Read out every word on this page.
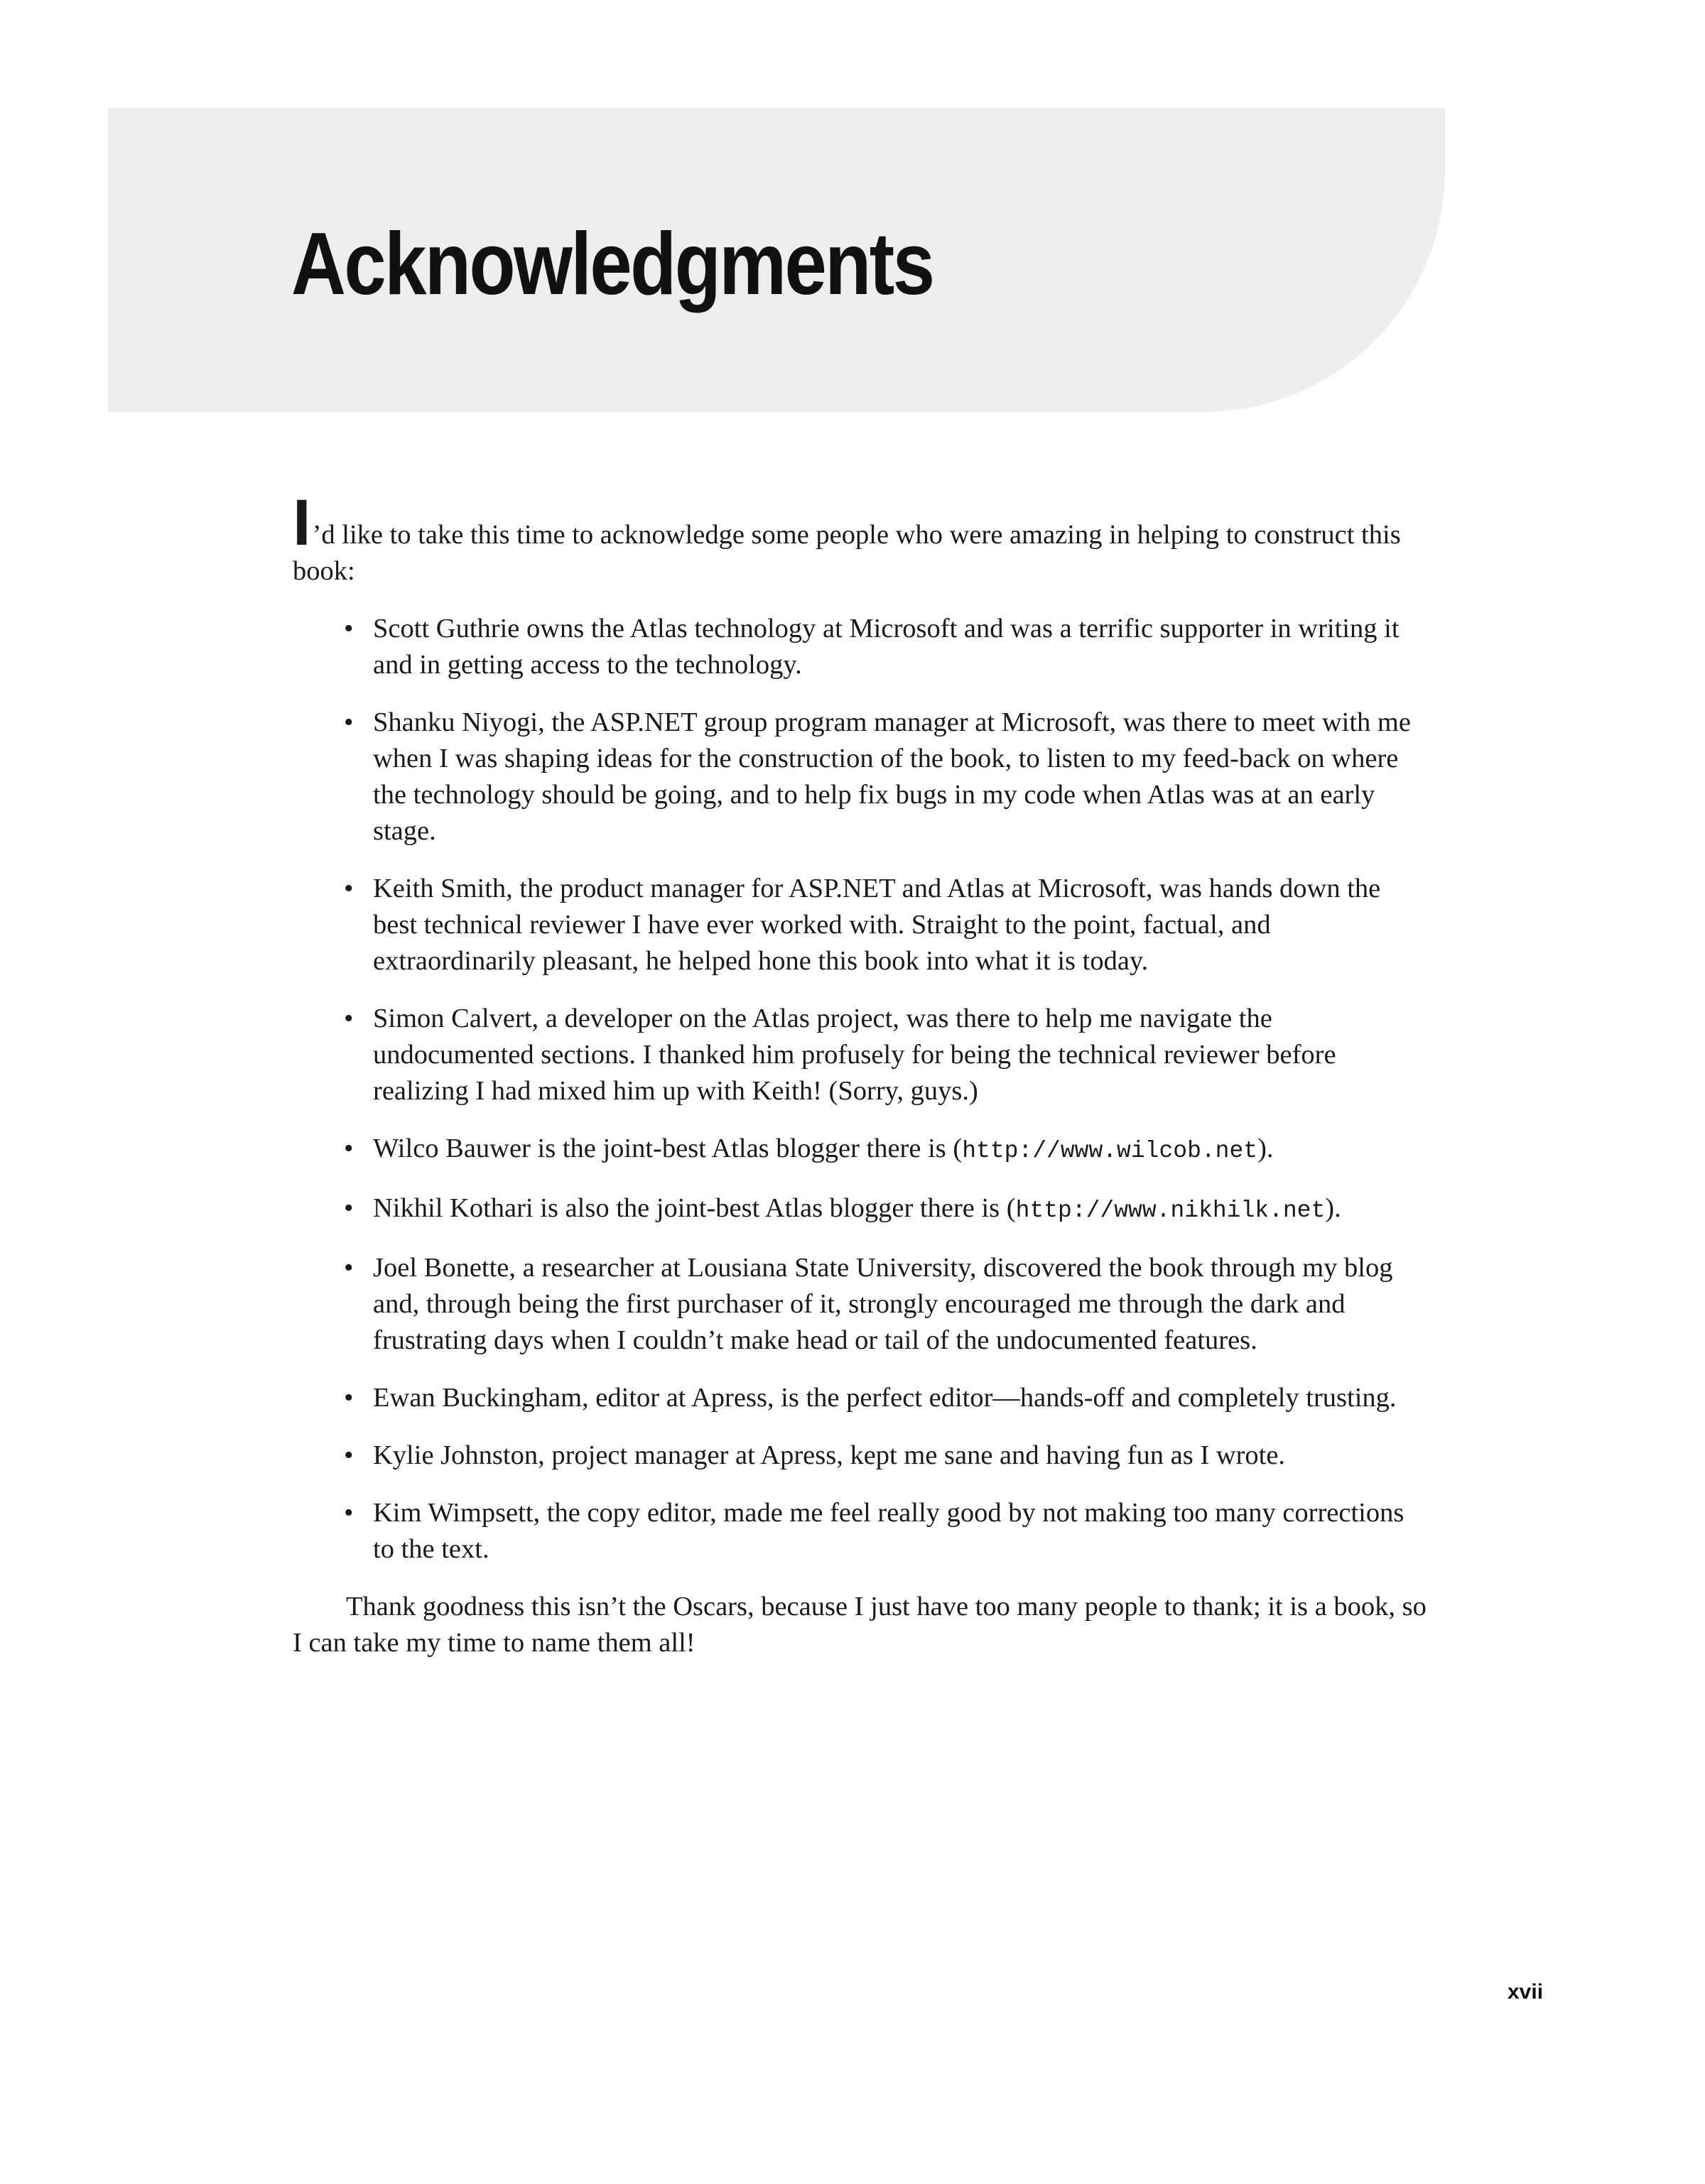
Acknowledgments

I’d like to take this time to acknowledge some people who were amazing in helping to construct this book:

• Scott Guthrie owns the Atlas technology at Microsoft and was a terrific supporter in writing it and in getting access to the technology.
• Shanku Niyogi, the ASP.NET group program manager at Microsoft, was there to meet with me when I was shaping ideas for the construction of the book, to listen to my feed-back on where the technology should be going, and to help fix bugs in my code when Atlas was at an early stage.
• Keith Smith, the product manager for ASP.NET and Atlas at Microsoft, was hands down the best technical reviewer I have ever worked with. Straight to the point, factual, and extraordinarily pleasant, he helped hone this book into what it is today.
• Simon Calvert, a developer on the Atlas project, was there to help me navigate the undocumented sections. I thanked him profusely for being the technical reviewer before realizing I had mixed him up with Keith! (Sorry, guys.)
• Wilco Bauwer is the joint-best Atlas blogger there is (http://www.wilcob.net).
• Nikhil Kothari is also the joint-best Atlas blogger there is (http://www.nikhilk.net).
• Joel Bonette, a researcher at Lousiana State University, discovered the book through my blog and, through being the first purchaser of it, strongly encouraged me through the dark and frustrating days when I couldn’t make head or tail of the undocumented features.
• Ewan Buckingham, editor at Apress, is the perfect editor—hands-off and completely trusting.
• Kylie Johnston, project manager at Apress, kept me sane and having fun as I wrote.
• Kim Wimpsett, the copy editor, made me feel really good by not making too many corrections to the text.

Thank goodness this isn’t the Oscars, because I just have too many people to thank; it is a book, so I can take my time to name them all!

xvii
